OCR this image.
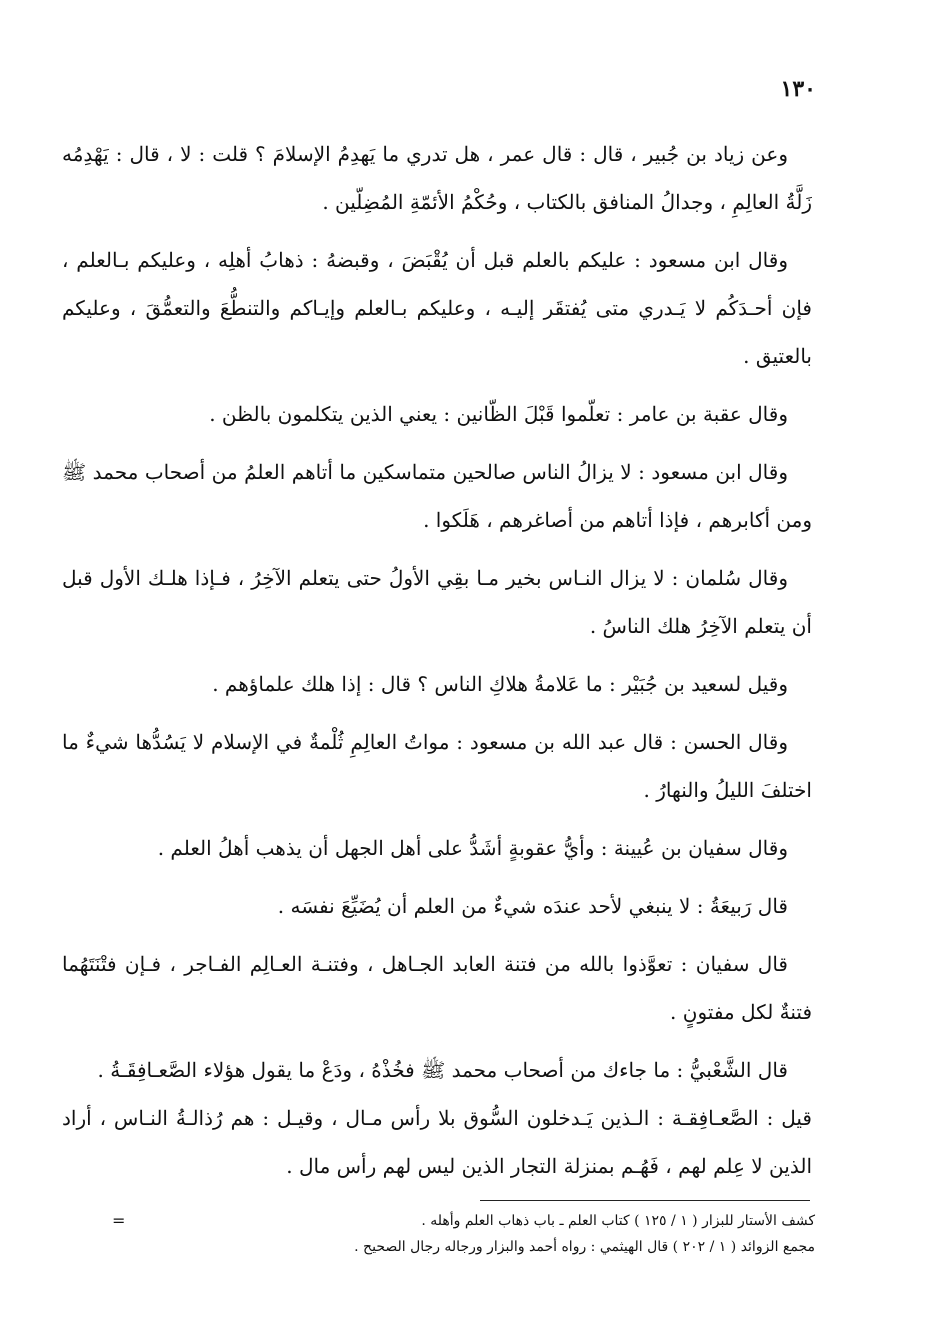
١٣٠

وعن زياد بن جُبير ، قال : قال عمر ، هل تدري ما يَهدِمُ الإسلامَ ؟ قلت : لا ، قال : يَهْدِمُه زَلَّةُ العالِمِ ، وجدالُ المنافق بالكتاب ، وحُكْمُ الأئمّةِ المُضِلّين .

وقال ابن مسعود : عليكم بالعلم قبل أن يُقْبَضَ ، وقبضهُ : ذهابُ أهلِه ، وعليكم بـالعلم ، فإن أحـدَكُم لا يَـدري متى يُفتقَر إليـه ، وعليكم بـالعلم وإيـاكم والتنطُّعَ والتعمُّقَ ، وعليكم بالعتيق .

وقال عقبة بن عامر : تعلّموا قَبْلَ الظّانين : يعني الذين يتكلمون بالظن .

وقال ابن مسعود : لا يزالُ الناس صالحين متماسكين ما أتاهم العلمُ من أصحاب محمد ﷺ ومن أكابرهم ، فإذا أتاهم من أصاغرهم ، هَلَكوا .

وقال سُلمان : لا يزال النـاس بخير مـا بقِي الأولُ حتى يتعلم الآخِرُ ، فـإذا هلـك الأول قبل أن يتعلم الآخِرُ هلك الناسُ .

وقيل لسعيد بن جُبَيْر : ما عَلامةُ هلاكِ الناس ؟ قال : إذا هلك علماؤهم .

وقال الحسن : قال عبد الله بن مسعود : مواتُ العالِمِ ثُلْمةٌ في الإسلام لا يَسُدُّها شيءٌ ما اختلفَ الليلُ والنهارُ .

وقال سفيان بن عُيينة : وأيُّ عقوبةٍ أشَدُّ على أهل الجهل أن يذهب أهلُ العلم .

قال رَبيعَةُ : لا ينبغي لأحد عندَه شيءٌ من العلم أن يُضَيِّعَ نفسَه .

قال سفيان : تعوَّذوا بالله من فتنة العابد الجـاهل ، وفتنـة العـالِم الفـاجر ، فـإن فتْنَتَهُما فتنةٌ لكل مفتونٍ .

قال الشَّعْبيُّ : ما جاءك من أصحاب محمد ﷺ فخُذْهُ ، ودَعْ ما يقول هؤلاء الصَّعـافِقَـةُ .

قيل : الصَّعـافِقـة : الـذين يَـدخلون السُّوق بلا رأس مـال ، وقيـل : هم رُذالـةُ النـاس ، أراد الذين لا عِلم لهم ، فَهُـم بمنزلة التجار الذين ليس لهم رأس مال .

=	كشف الأستار للبزار ( ١ / ١٢٥ ) كتاب العلم ـ باب ذهاب العلم وأهله .
مجمع الزوائد ( ١ / ٢٠٢ ) قال الهيثمي : رواه أحمد والبزار ورجاله رجال الصحيح .
